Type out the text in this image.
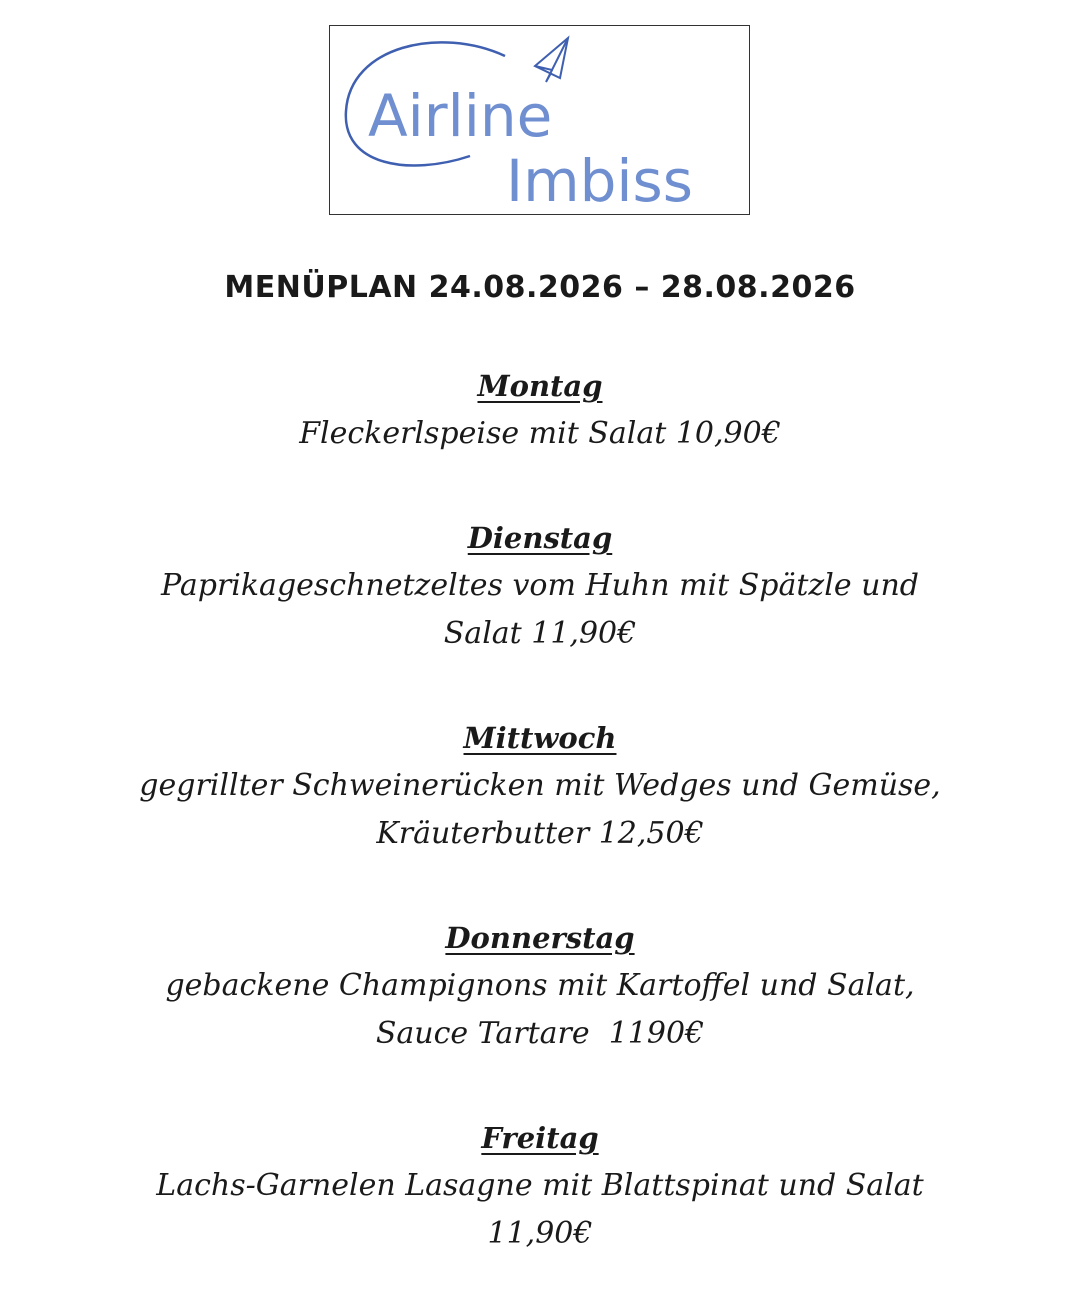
Airline
Imbiss
MENÜPLAN 24.08.2026 – 28.08.2026
Montag
Fleckerlspeise mit Salat 10,90€
Dienstag
Paprikageschnetzeltes vom Huhn mit Spätzle und
Salat 11,90€
Mittwoch
gegrillter Schweinerücken mit Wedges und Gemüse,
Kräuterbutter 12,50€
Donnerstag
gebackene Champignons mit Kartoffel und Salat,
Sauce Tartare  1190€
Freitag
Lachs-Garnelen Lasagne mit Blattspinat und Salat
11,90€
